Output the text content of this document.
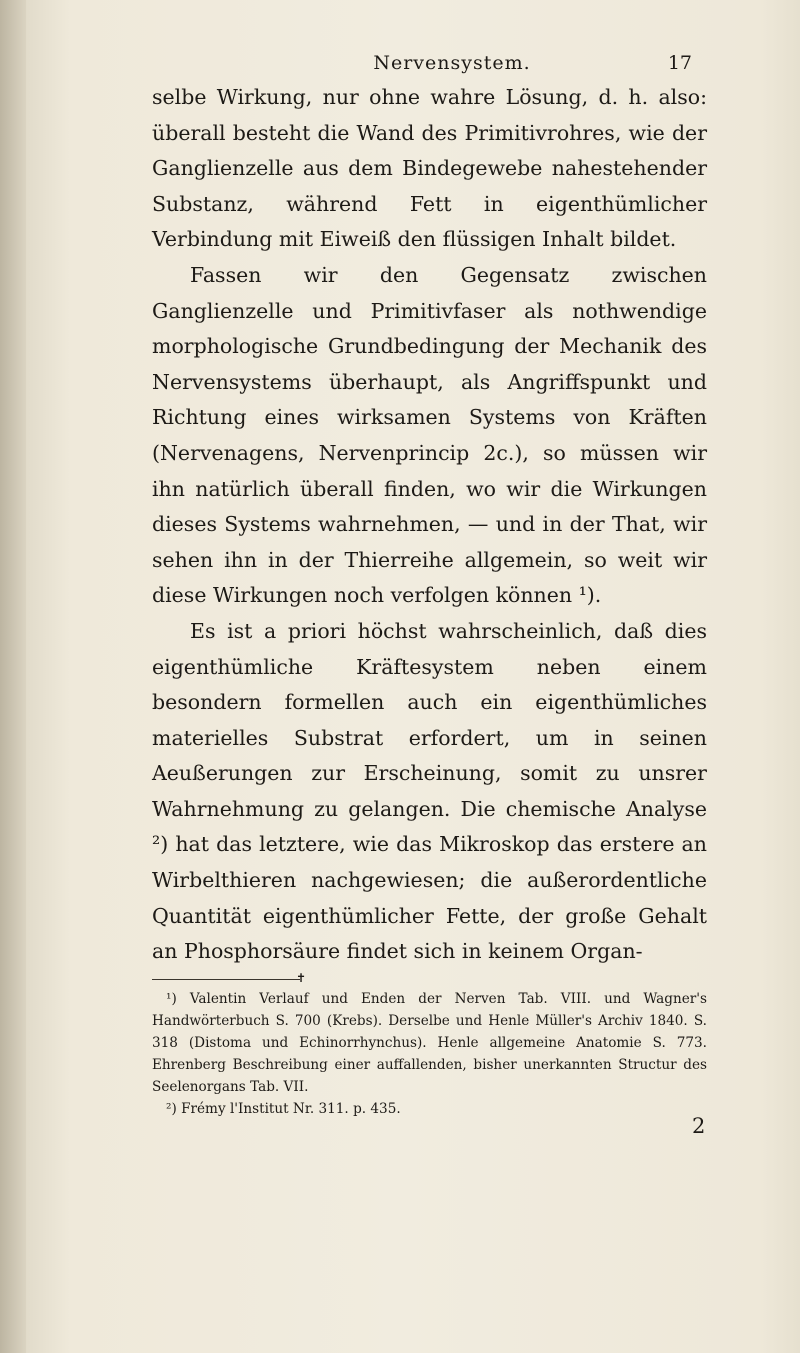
Nervensystem.	17

selbe Wirkung, nur ohne wahre Lösung, d. h. also: überall besteht die Wand des Primitivrohres, wie der Ganglienzelle aus dem Bindegewebe nahestehender Substanz, während Fett in eigenthümlicher Verbindung mit Eiweiß den flüssigen Inhalt bildet.

Fassen wir den Gegensatz zwischen Ganglienzelle und Primitivfaser als nothwendige morphologische Grundbedingung der Mechanik des Nervensystems überhaupt, als Angriffspunkt und Richtung eines wirksamen Systems von Kräften (Nervenagens, Nervenprincip 2c.), so müssen wir ihn natürlich überall finden, wo wir die Wirkungen dieses Systems wahrnehmen, — und in der That, wir sehen ihn in der Thierreihe allgemein, so weit wir diese Wirkungen noch verfolgen können ¹).

Es ist a priori höchst wahrscheinlich, daß dies eigenthümliche Kräftesystem neben einem besondern formellen auch ein eigenthümliches materielles Substrat erfordert, um in seinen Aeußerungen zur Erscheinung, somit zu unsrer Wahrnehmung zu gelangen. Die chemische Analyse ²) hat das letztere, wie das Mikroskop das erstere an Wirbelthieren nachgewiesen; die außerordentliche Quantität eigenthümlicher Fette, der große Gehalt an Phosphorsäure findet sich in keinem Organ-

✝

¹) Valentin Verlauf und Enden der Nerven Tab. VIII. und Wagner's Handwörterbuch S. 700 (Krebs). Derselbe und Henle Müller's Archiv 1840. S. 318 (Distoma und Echinorrhynchus). Henle allgemeine Anatomie S. 773. Ehrenberg Beschreibung einer auffallenden, bisher unerkannten Structur des Seelenorgans Tab. VII.

²) Frémy l'Institut Nr. 311. p. 435.

2
